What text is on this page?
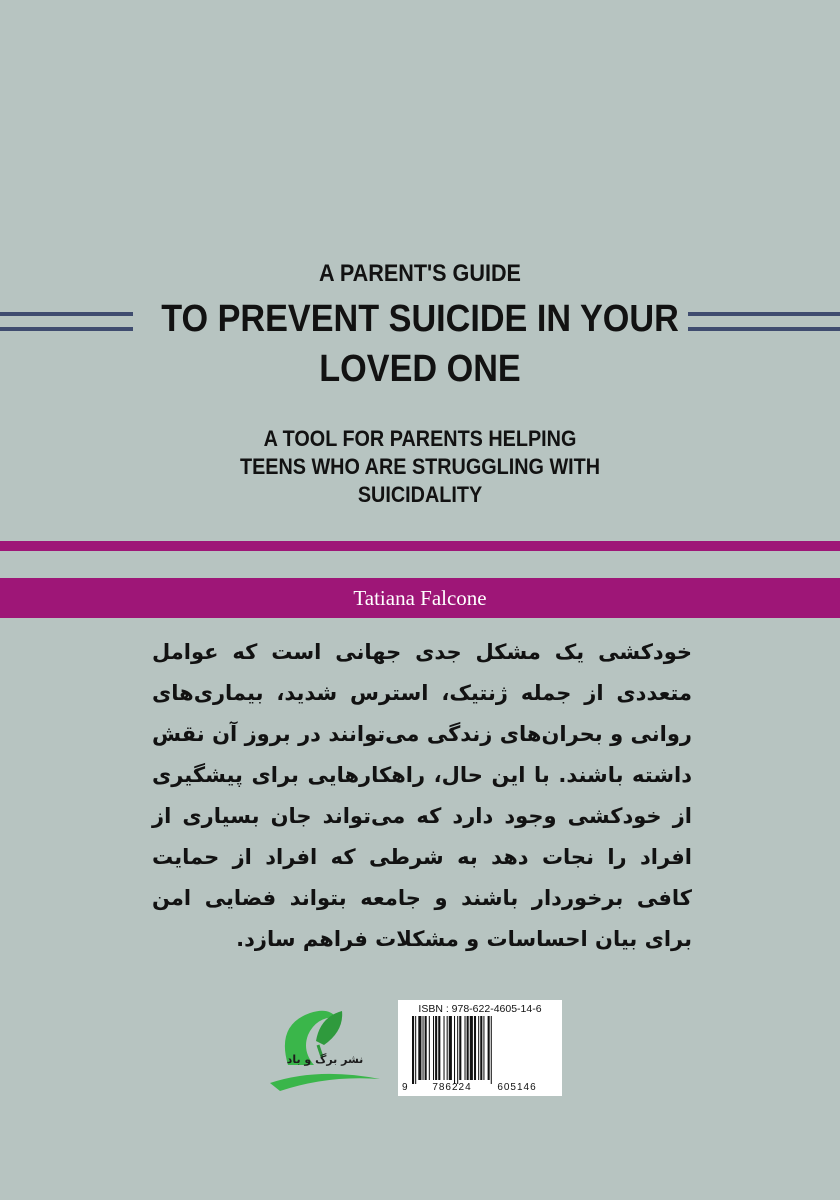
A PARENT'S GUIDE
TO PREVENT SUICIDE IN YOUR
LOVED ONE
A TOOL FOR PARENTS HELPING
TEENS WHO ARE STRUGGLING WITH
SUICIDALITY
Tatiana Falcone
خودکشی یک مشکل جدی جهانی است که عوامل متعددی از جمله ژنتیک، استرس شدید، بیماری‌های روانی و بحران‌های زندگی می‌توانند در بروز آن نقش داشته باشند. با این حال، راهکارهایی برای پیشگیری از خودکشی وجود دارد که می‌تواند جان بسیاری از افراد را نجات دهد به شرطی که افراد از حمایت کافی برخوردار باشند و جامعه بتواند فضایی امن برای بیان احساسات و مشکلات فراهم سازد.
نشر برگ و باد
ISBN : 978-622-4605-14-6
9	786224	605146
